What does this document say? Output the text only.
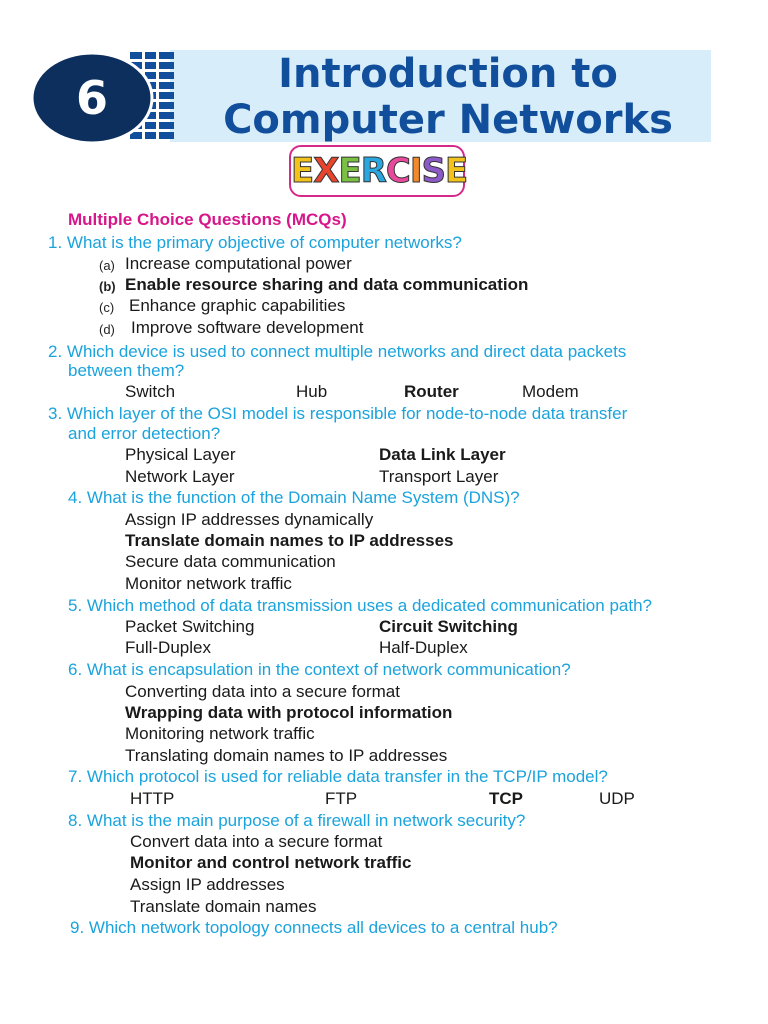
6	Introduction to
Computer Networks
EXERCISE
Multiple Choice Questions (MCQs)
1. What is the primary objective of computer networks?
(a) Increase computational power
(b) Enable resource sharing and data communication
(c) Enhance graphic capabilities
(d) Improve software development
2. Which device is used to connect multiple networks and direct data packets
between them?
Switch	Hub	Router	Modem
3. Which layer of the OSI model is responsible for node-to-node data transfer
and error detection?
Physical Layer	Data Link Layer
Network Layer	Transport Layer
4. What is the function of the Domain Name System (DNS)?
Assign IP addresses dynamically
Translate domain names to IP addresses
Secure data communication
Monitor network traffic
5. Which method of data transmission uses a dedicated communication path?
Packet Switching	Circuit Switching
Full-Duplex	Half-Duplex
6. What is encapsulation in the context of network communication?
Converting data into a secure format
Wrapping data with protocol information
Monitoring network traffic
Translating domain names to IP addresses
7. Which protocol is used for reliable data transfer in the TCP/IP model?
HTTP	FTP	TCP	UDP
8. What is the main purpose of a firewall in network security?
Convert data into a secure format
Monitor and control network traffic
Assign IP addresses
Translate domain names
9. Which network topology connects all devices to a central hub?
